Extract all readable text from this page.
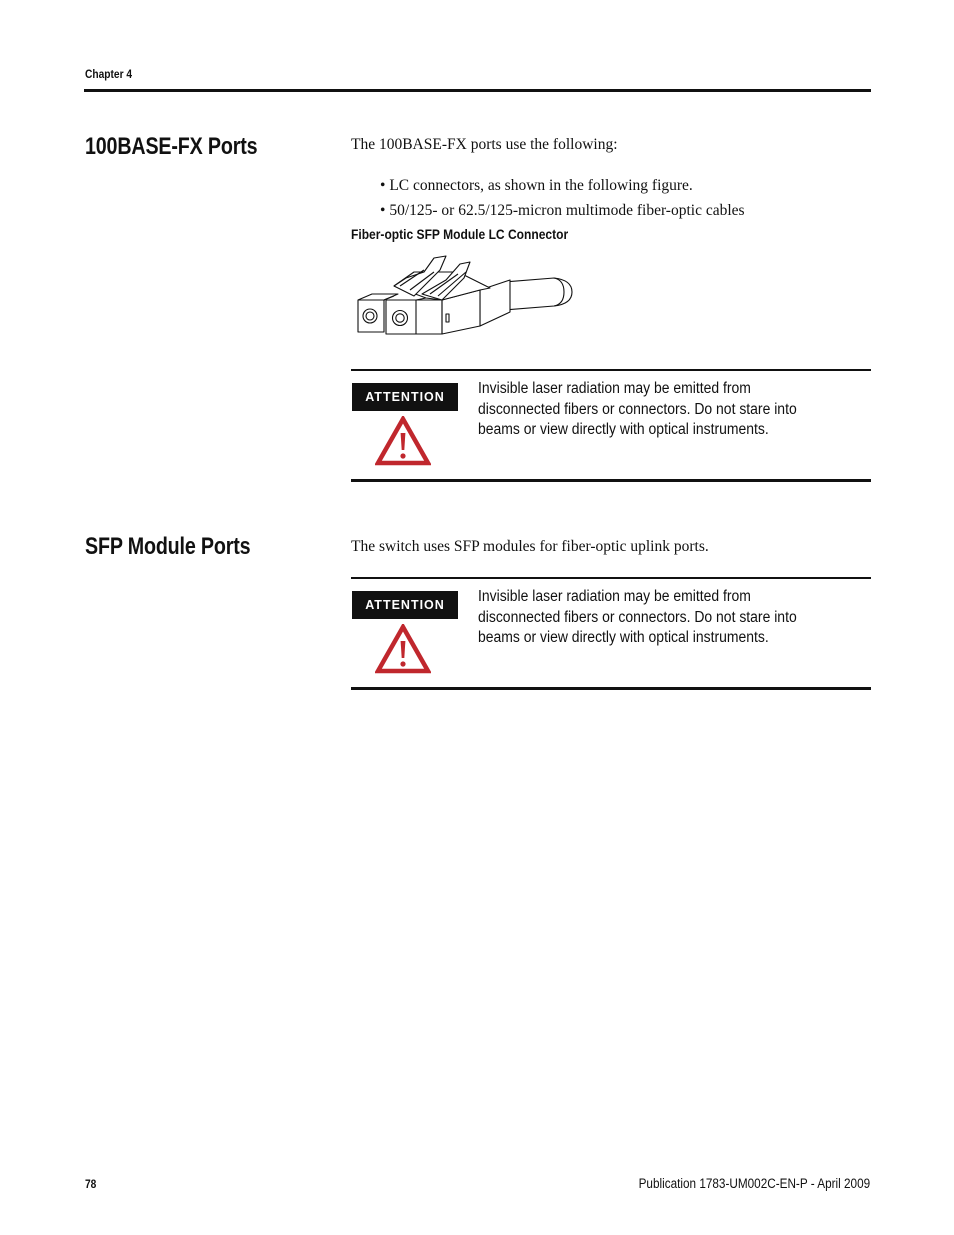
Chapter 4
100BASE-FX Ports	The 100BASE-FX ports use the following:
• LC connectors, as shown in the following figure.
• 50/125- or 62.5/125-micron multimode fiber-optic cables
Fiber-optic SFP Module LC Connector
ATTENTION	Invisible laser radiation may be emitted from disconnected fibers or connectors. Do not stare into beams or view directly with optical instruments.
SFP Module Ports	The switch uses SFP modules for fiber-optic uplink ports.
ATTENTION	Invisible laser radiation may be emitted from disconnected fibers or connectors. Do not stare into beams or view directly with optical instruments.
78	Publication 1783-UM002C-EN-P - April 2009
